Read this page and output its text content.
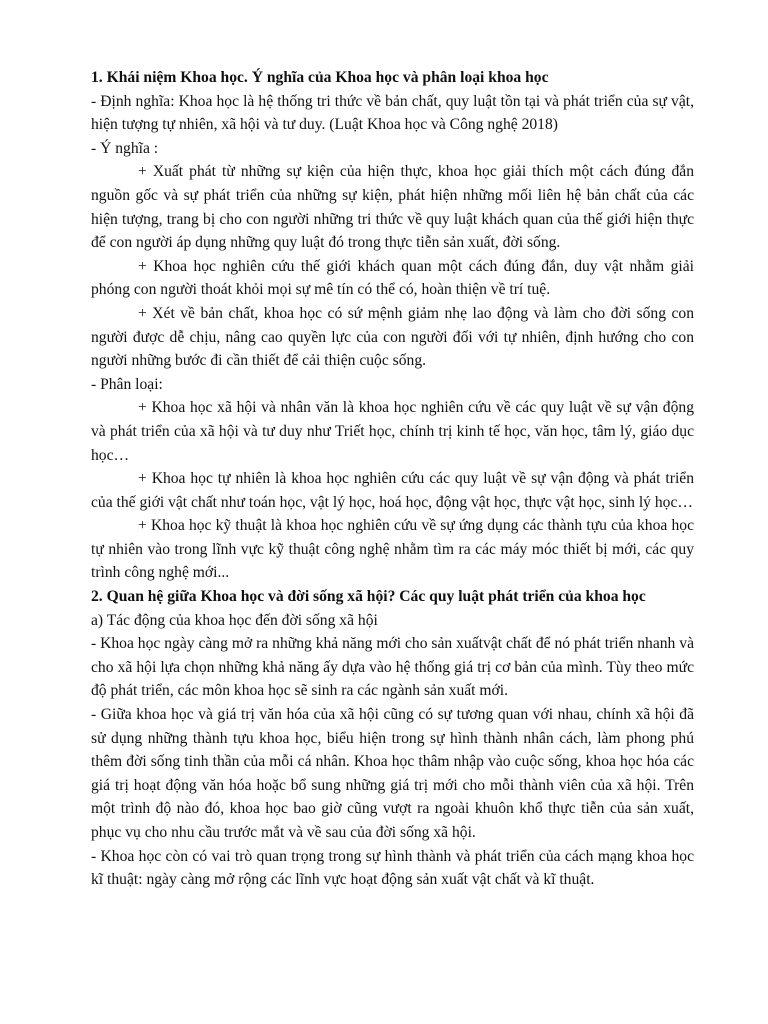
1. Khái niệm Khoa học. Ý nghĩa của Khoa học và phân loại khoa học

- Định nghĩa: Khoa học là hệ thống tri thức về bản chất, quy luật tồn tại và phát triển của sự vật, hiện tượng tự nhiên, xã hội và tư duy. (Luật Khoa học và Công nghệ 2018)

- Ý nghĩa :

+ Xuất phát từ những sự kiện của hiện thực, khoa học giải thích một cách đúng đắn nguồn gốc và sự phát triển của những sự kiện, phát hiện những mối liên hệ bản chất của các hiện tượng, trang bị cho con người những tri thức về quy luật khách quan của thế giới hiện thực để con người áp dụng những quy luật đó trong thực tiễn sản xuất, đời sống.

+ Khoa học nghiên cứu thế giới khách quan một cách đúng đắn, duy vật nhằm giải phóng con người thoát khỏi mọi sự mê tín có thể có, hoàn thiện về trí tuệ.

+ Xét về bản chất, khoa học có sứ mệnh giảm nhẹ lao động và làm cho đời sống con người được dễ chịu, nâng cao quyền lực của con người đối với tự nhiên, định hướng cho con người những bước đi cần thiết để cải thiện cuộc sống.

- Phân loại:

+ Khoa học xã hội và nhân văn là khoa học nghiên cứu về các quy luật về sự vận động và phát triển của xã hội và tư duy như Triết học, chính trị kinh tế học, văn học, tâm lý, giáo dục học…

+ Khoa học tự nhiên là khoa học nghiên cứu các quy luật về sự vận động và phát triển của thế giới vật chất như toán học, vật lý học, hoá học, động vật học, thực vật học, sinh lý học…

+ Khoa học kỹ thuật là khoa học nghiên cứu về sự ứng dụng các thành tựu của khoa học tự nhiên vào trong lĩnh vực kỹ thuật công nghệ nhằm tìm ra các máy móc thiết bị mới, các quy trình công nghệ mới...

2. Quan hệ giữa Khoa học và đời sống xã hội? Các quy luật phát triển của khoa học

a) Tác động của khoa học đến đời sống xã hội

- Khoa học ngày càng mở ra những khả năng mới cho sản xuấtvật chất để nó phát triển nhanh và cho xã hội lựa chọn những khả năng ấy dựa vào hệ thống giá trị cơ bản của mình. Tùy theo mức độ phát triển, các môn khoa học sẽ sinh ra các ngành sản xuất mới.

- Giữa khoa học và giá trị văn hóa của xã hội cũng có sự tương quan với nhau, chính xã hội đã sử dụng những thành tựu khoa học, biểu hiện trong sự hình thành nhân cách, làm phong phú thêm đời sống tinh thần của mỗi cá nhân. Khoa học thâm nhập vào cuộc sống, khoa học hóa các giá trị hoạt động văn hóa hoặc bổ sung những giá trị mới cho mỗi thành viên của xã hội. Trên một trình độ nào đó, khoa học bao giờ cũng vượt ra ngoài khuôn khổ thực tiễn của sản xuất, phục vụ cho nhu cầu trước mắt và về sau của đời sống xã hội.

- Khoa học còn có vai trò quan trọng trong sự hình thành và phát triển của cách mạng khoa học kĩ thuật: ngày càng mở rộng các lĩnh vực hoạt động sản xuất vật chất và kĩ thuật.
